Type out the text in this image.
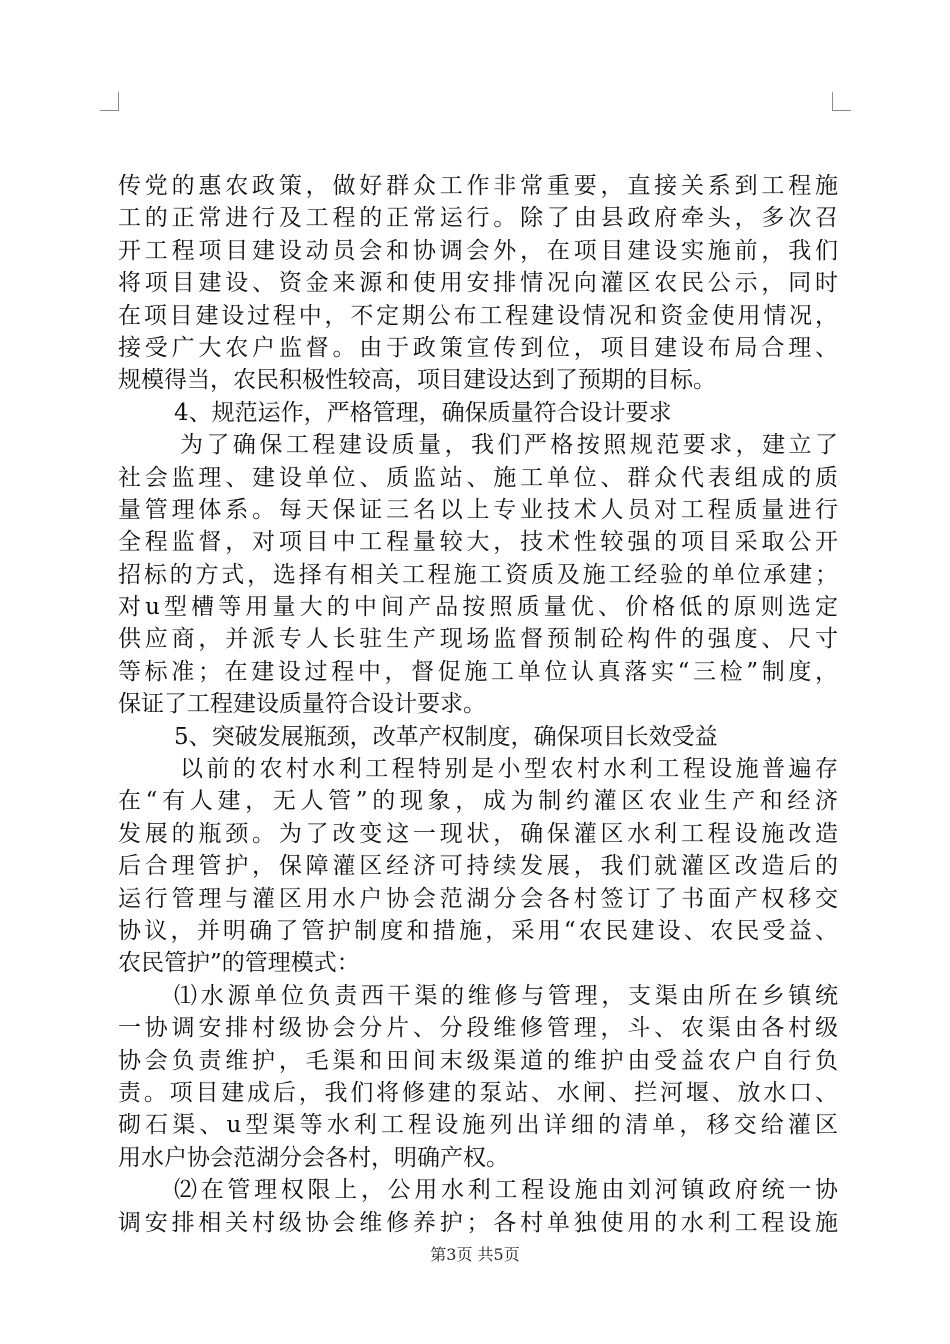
传党的惠农政策，做好群众工作非常重要，直接关系到工程施
工的正常进行及工程的正常运行。除了由县政府牵头，多次召
开工程项目建设动员会和协调会外，在项目建设实施前，我们
将项目建设、资金来源和使用安排情况向灌区农民公示，同时
在项目建设过程中，不定期公布工程建设情况和资金使用情况，
接受广大农户监督。由于政策宣传到位，项目建设布局合理、
规模得当，农民积极性较高，项目建设达到了预期的目标。
4、规范运作，严格管理，确保质量符合设计要求
为了确保工程建设质量，我们严格按照规范要求，建立了
社会监理、建设单位、质监站、施工单位、群众代表组成的质
量管理体系。每天保证三名以上专业技术人员对工程质量进行
全程监督，对项目中工程量较大，技术性较强的项目采取公开
招标的方式，选择有相关工程施工资质及施工经验的单位承建；
对u型槽等用量大的中间产品按照质量优、价格低的原则选定
供应商，并派专人长驻生产现场监督预制砼构件的强度、尺寸
等标准；在建设过程中，督促施工单位认真落实“三检”制度，
保证了工程建设质量符合设计要求。
5、突破发展瓶颈，改革产权制度，确保项目长效受益
以前的农村水利工程特别是小型农村水利工程设施普遍存
在“有人建，无人管”的现象，成为制约灌区农业生产和经济
发展的瓶颈。为了改变这一现状，确保灌区水利工程设施改造
后合理管护，保障灌区经济可持续发展，我们就灌区改造后的
运行管理与灌区用水户协会范湖分会各村签订了书面产权移交
协议，并明确了管护制度和措施，采用“农民建设、农民受益、
农民管护”的管理模式：
⑴水源单位负责西干渠的维修与管理，支渠由所在乡镇统
一协调安排村级协会分片、分段维修管理，斗、农渠由各村级
协会负责维护，毛渠和田间末级渠道的维护由受益农户自行负
责。项目建成后，我们将修建的泵站、水闸、拦河堰、放水口、
砌石渠、u型渠等水利工程设施列出详细的清单，移交给灌区
用水户协会范湖分会各村，明确产权。
⑵在管理权限上，公用水利工程设施由刘河镇政府统一协
调安排相关村级协会维修养护；各村单独使用的水利工程设施
第3页 共5页
